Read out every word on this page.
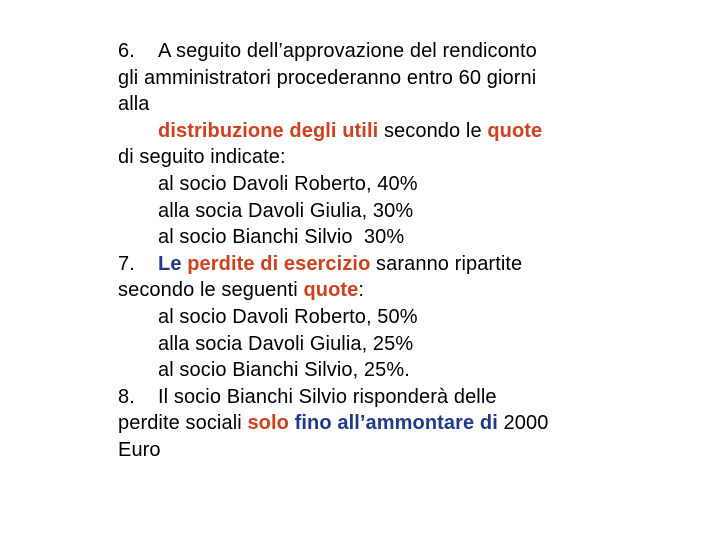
6. A seguito dell’approvazione del rendiconto
gli amministratori procederanno entro 60 giorni
alla
distribuzione degli utili secondo le quote
di seguito indicate:
al socio Davoli Roberto, 40%
alla socia Davoli Giulia, 30%
al socio Bianchi Silvio  30%
7. Le perdite di esercizio saranno ripartite
secondo le seguenti quote:
al socio Davoli Roberto, 50%
alla socia Davoli Giulia, 25%
al socio Bianchi Silvio, 25%.
8. Il socio Bianchi Silvio risponderà delle
perdite sociali solo fino all’ammontare di 2000
Euro
